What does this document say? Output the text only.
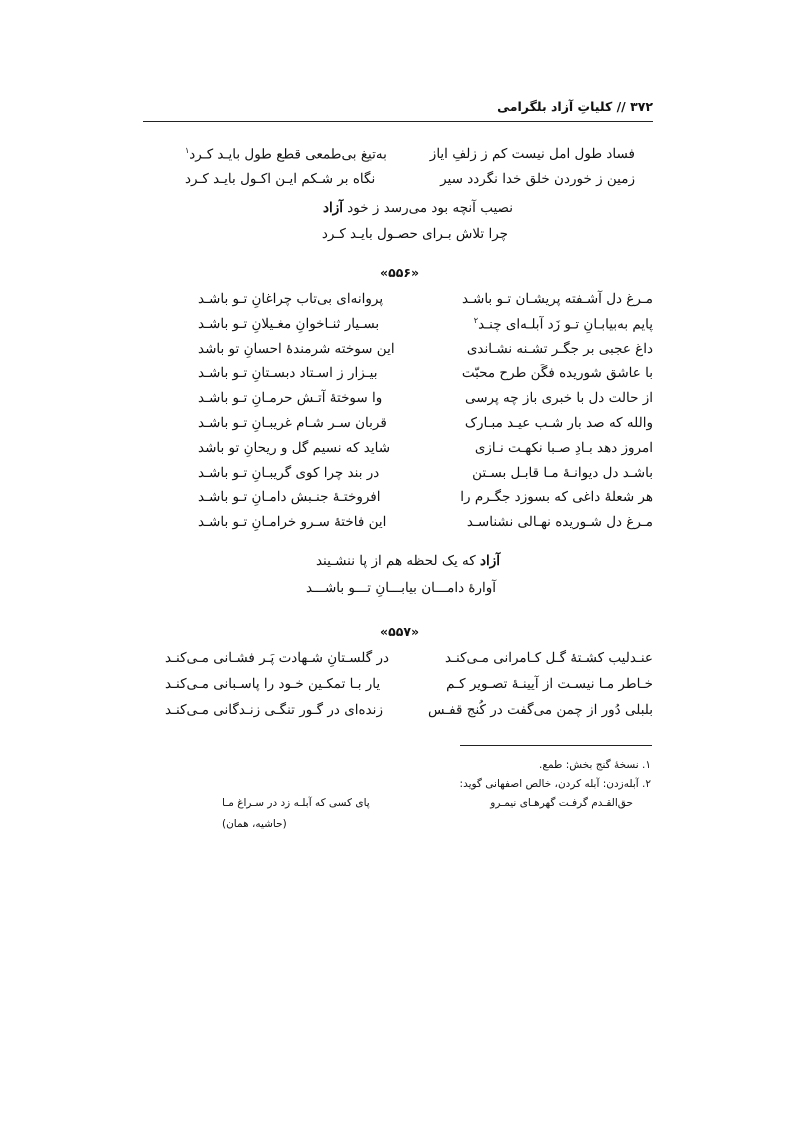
۳۷۲ // کلیاتِ آزاد بلگرامی
فساد طول امل نیست کم ز زلفِ ایاز
به‌تیغ بی‌طمعی قطع طول بایـد کـرد$^۱$
زمین ز خوردن خلق خدا نگردد سیر
نگاه بر شـکم ایـن اکـول بایـد کـرد
نصیب آنچه بود می‌رسد ز خود آزاد
چرا تلاش بـرای حصـول بایـد کـرد
«۵۵۶»
مـرغ دل آشـفته پریشـان تـو باشـد
پروانه‌ای بی‌تاب چراغانِ تـو باشـد
پایم به‌بیابـانِ تـو زَد آبلـه‌ای چنـد$^۲$
بسـیار ثنـاخوانِ مغـیلانِ تـو باشـد
داغ عجبی بر جگـر تشـنه نشـاندی
این سوخته شرمندهٔ احسانِ تو باشد
با عاشق شوریده فگَن طرح محبّت
بیـزار ز اسـتاد دبسـتانِ تـو باشـد
از حالت دل با خبری باز چه پرسی
وا سوختهٔ آتـش حرمـانِ تـو باشـد
والله که صد بار شـب عیـد مبـارک
قربان سـر شـام غریبـانِ تـو باشـد
امروز دهد بـادِ صـبا نکهـت نـازی
شاید که نسیم گل و ریحانِ تو باشد
باشـد دل دیوانـهٔ مـا قابـل بسـتن
در بند چرا کوی گریبـانِ تـو باشـد
هر شعلهٔ داغی که بسوزد جگـرم را
افروختـهٔ جنـبش دامـانِ تـو باشـد
مـرغ دل شـوریده نهـالی نشناسـد
این فاختهٔ سـرو خرامـانِ تـو باشـد
آزاد که یک لحظه هم از پا ننشـیند
آوارهٔ دامـــان بیابـــانِ تـــو باشـــد
«۵۵۷»
عنـدلیب کشـتهٔ گـل کـامرانی مـی‌کنـد
در گلسـتانِ شـهادت پَـر فشـانی مـی‌کنـد
خـاطر مـا نیسـت از آیینـهٔ تصـویر کـم
یار بـا تمکـین خـود را پاسـبانی مـی‌کنـد
بلبلی دُور از چمن می‌گفت در کُنج قفـس
زنده‌ای در گـور تنگـی زنـدگانی مـی‌کنـد
۱. نسخهٔ گنج بخش: طمع.
۲. آبله‌زدن: آبله کردن، خالص اصفهانی گوید:
حق‌القـدم گرفـت گهرهـای نیمـرو
پای کسی که آبلـه زد در سـراغ مـا
(حاشیه، همان)
